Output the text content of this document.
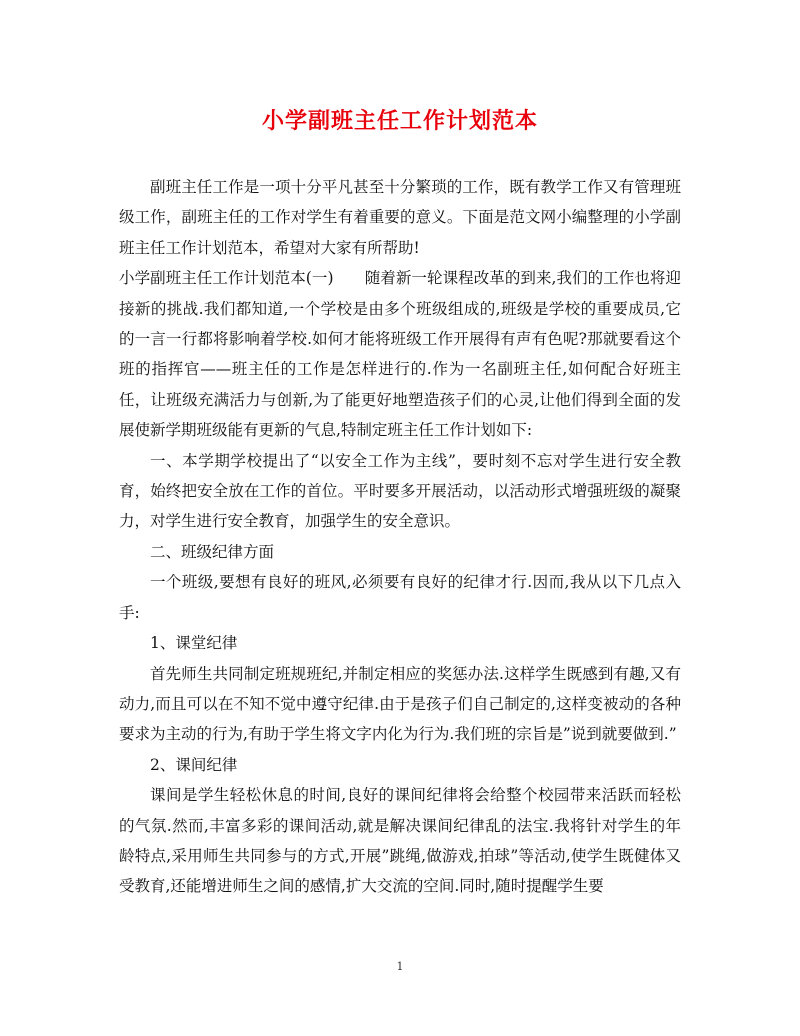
小学副班主任工作计划范本

副班主任工作是一项十分平凡甚至十分繁琐的工作，既有教学工作又有管理班级工作，副班主任的工作对学生有着重要的意义。下面是范文网小编整理的小学副班主任工作计划范本，希望对大家有所帮助!

小学副班主任工作计划范本(一)　　随着新一轮课程改革的到来,我们的工作也将迎接新的挑战.我们都知道,一个学校是由多个班级组成的,班级是学校的重要成员,它的一言一行都将影响着学校.如何才能将班级工作开展得有声有色呢?那就要看这个班的指挥官——班主任的工作是怎样进行的.作为一名副班主任,如何配合好班主任，让班级充满活力与创新,为了能更好地塑造孩子们的心灵,让他们得到全面的发展使新学期班级能有更新的气息,特制定班主任工作计划如下:

一、本学期学校提出了“以安全工作为主线”，要时刻不忘对学生进行安全教育，始终把安全放在工作的首位。平时要多开展活动，以活动形式增强班级的凝聚力，对学生进行安全教育，加强学生的安全意识。

二、班级纪律方面

一个班级,要想有良好的班风,必须要有良好的纪律才行.因而,我从以下几点入手:

1、课堂纪律

首先师生共同制定班规班纪,并制定相应的奖惩办法.这样学生既感到有趣,又有动力,而且可以在不知不觉中遵守纪律.由于是孩子们自己制定的,这样变被动的各种要求为主动的行为,有助于学生将文字内化为行为.我们班的宗旨是”说到就要做到.”

2、课间纪律

课间是学生轻松休息的时间,良好的课间纪律将会给整个校园带来活跃而轻松的气氛.然而,丰富多彩的课间活动,就是解决课间纪律乱的法宝.我将针对学生的年龄特点,采用师生共同参与的方式,开展”跳绳,做游戏,拍球”等活动,使学生既健体又受教育,还能增进师生之间的感情,扩大交流的空间.同时,随时提醒学生要

1
